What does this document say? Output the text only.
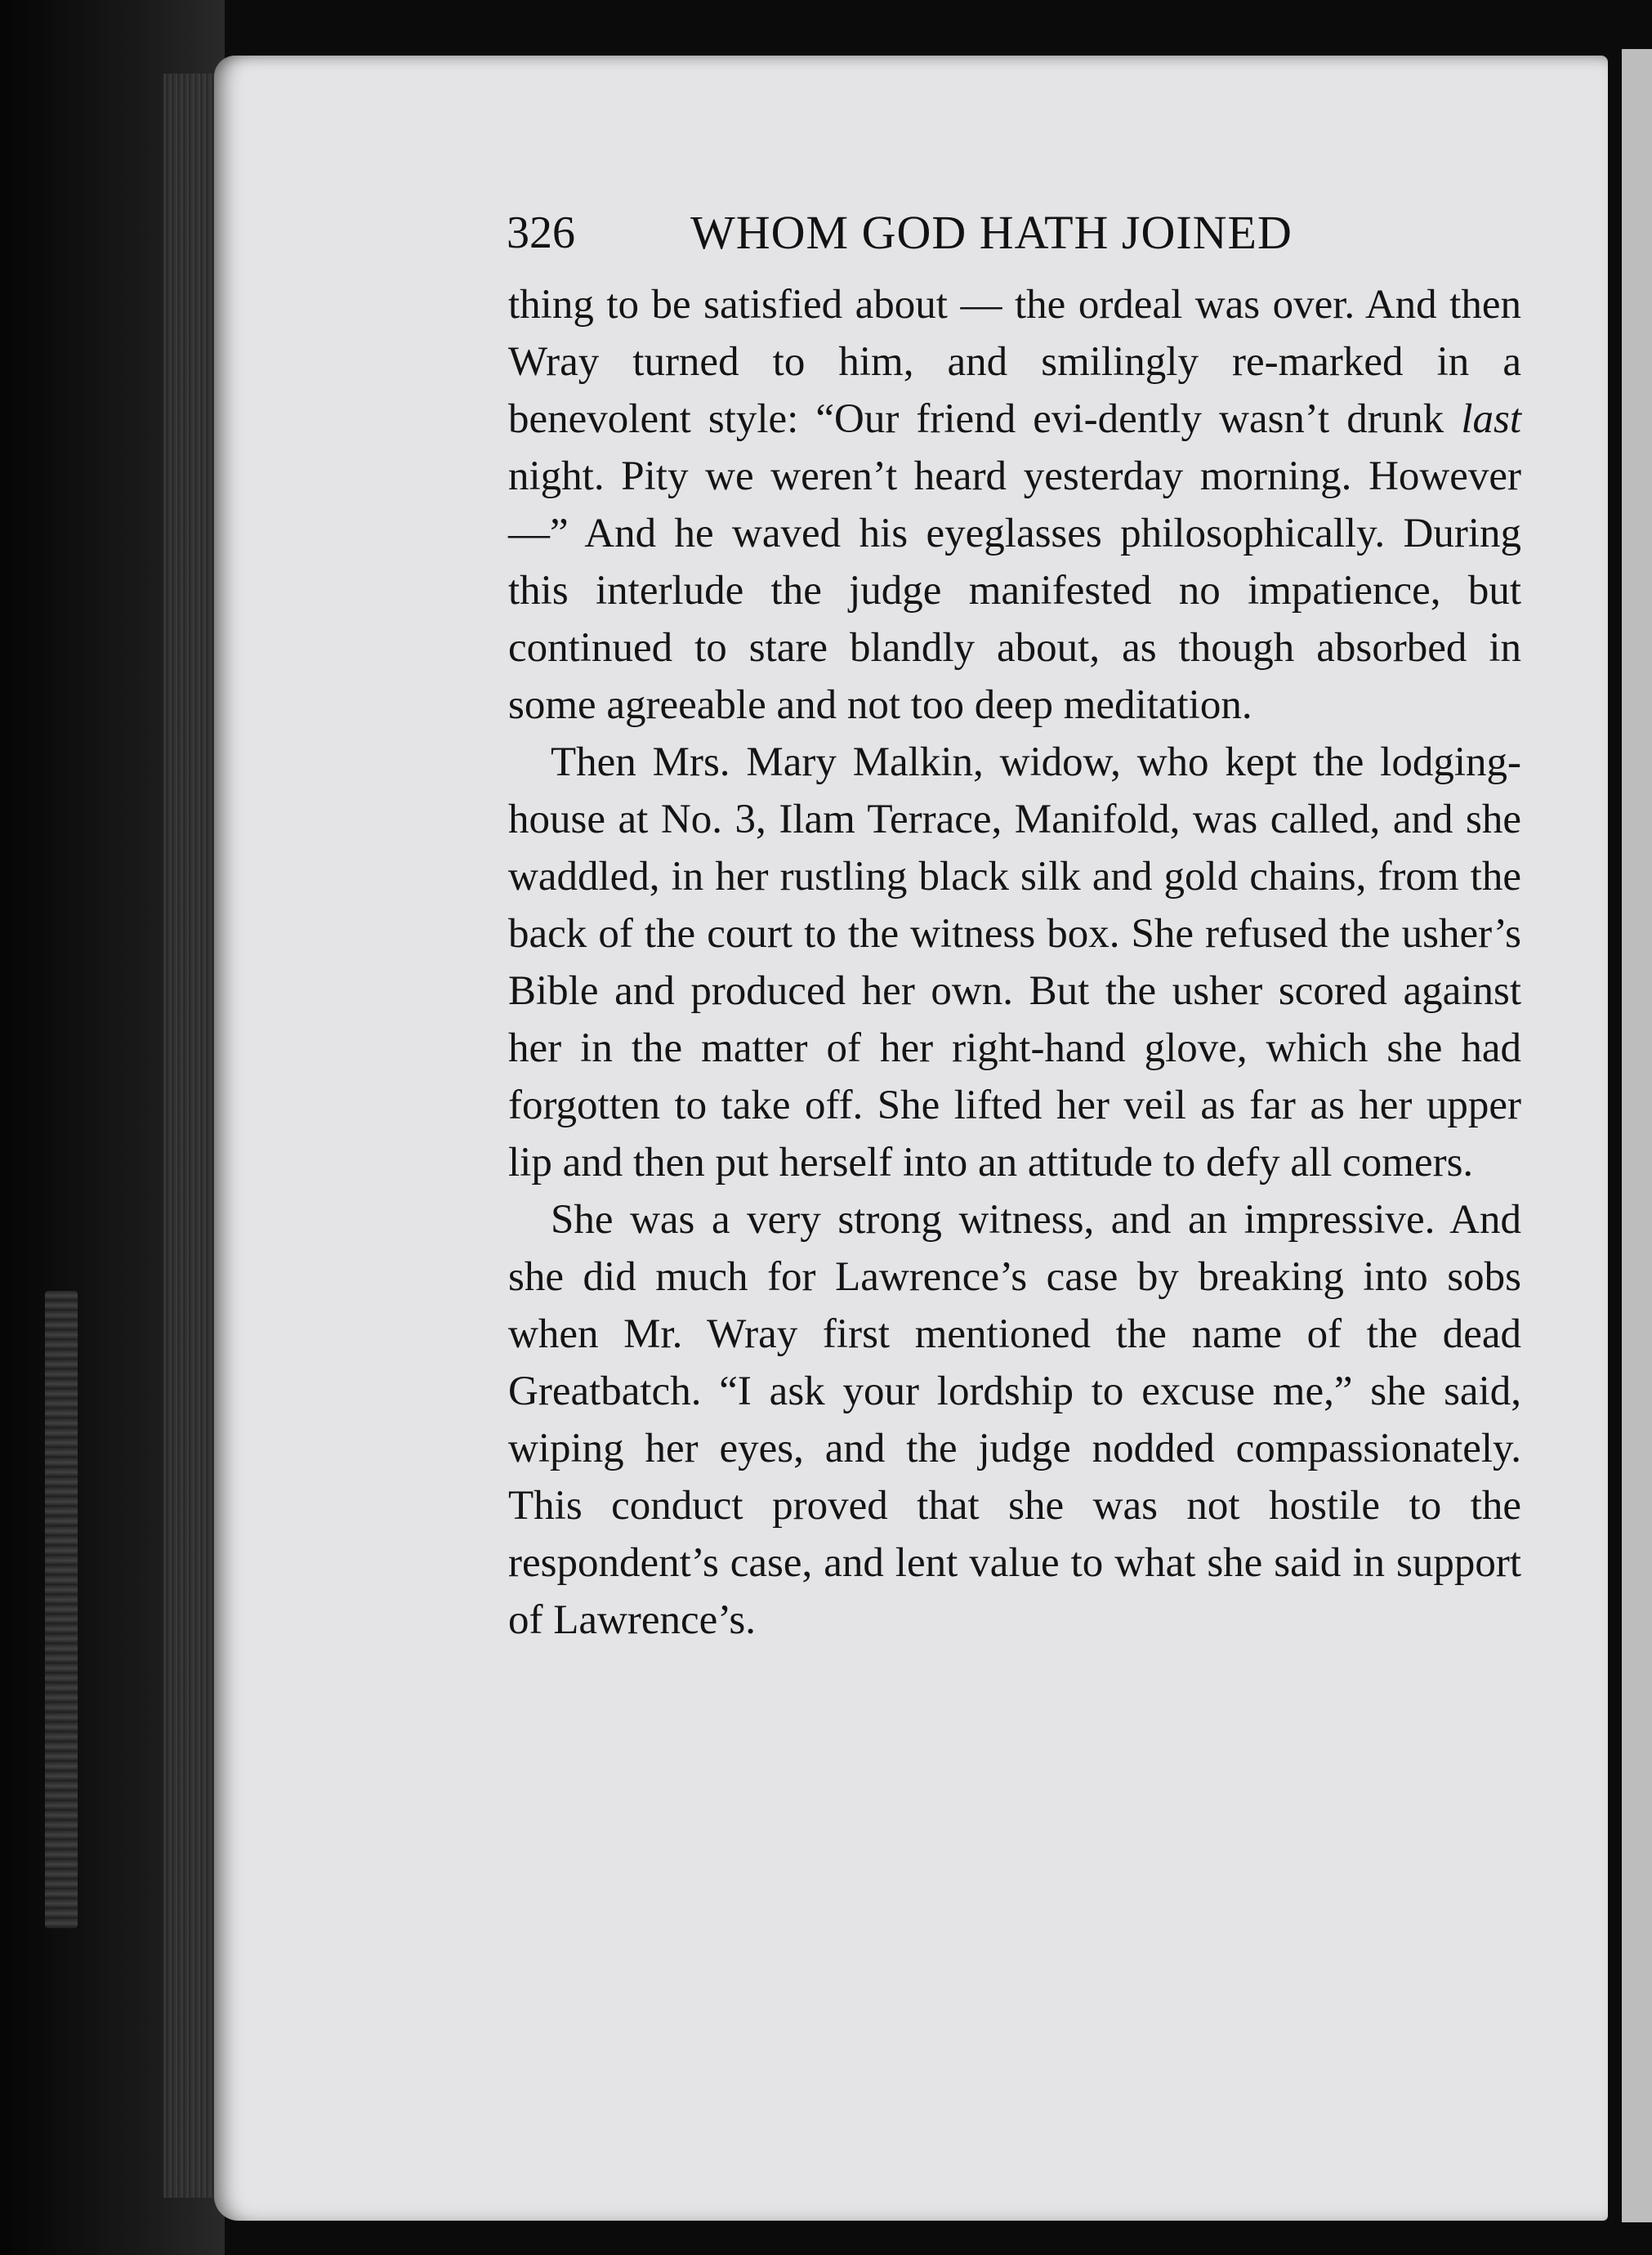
326 WHOM GOD HATH JOINED

thing to be satisfied about — the ordeal was over. And then Wray turned to him, and smilingly re-marked in a benevolent style: “Our friend evi-dently wasn’t drunk last night. Pity we weren’t heard yesterday morning. However —” And he waved his eyeglasses philosophically. During this interlude the judge manifested no impatience, but continued to stare blandly about, as though absorbed in some agreeable and not too deep meditation.

Then Mrs. Mary Malkin, widow, who kept the lodging-house at No. 3, Ilam Terrace, Manifold, was called, and she waddled, in her rustling black silk and gold chains, from the back of the court to the witness box. She refused the usher’s Bible and produced her own. But the usher scored against her in the matter of her right-hand glove, which she had forgotten to take off. She lifted her veil as far as her upper lip and then put herself into an attitude to defy all comers.

She was a very strong witness, and an impressive. And she did much for Lawrence’s case by breaking into sobs when Mr. Wray first mentioned the name of the dead Greatbatch. “I ask your lordship to excuse me,” she said, wiping her eyes, and the judge nodded compassionately. This conduct proved that she was not hostile to the respondent’s case, and lent value to what she said in support of Lawrence’s.
